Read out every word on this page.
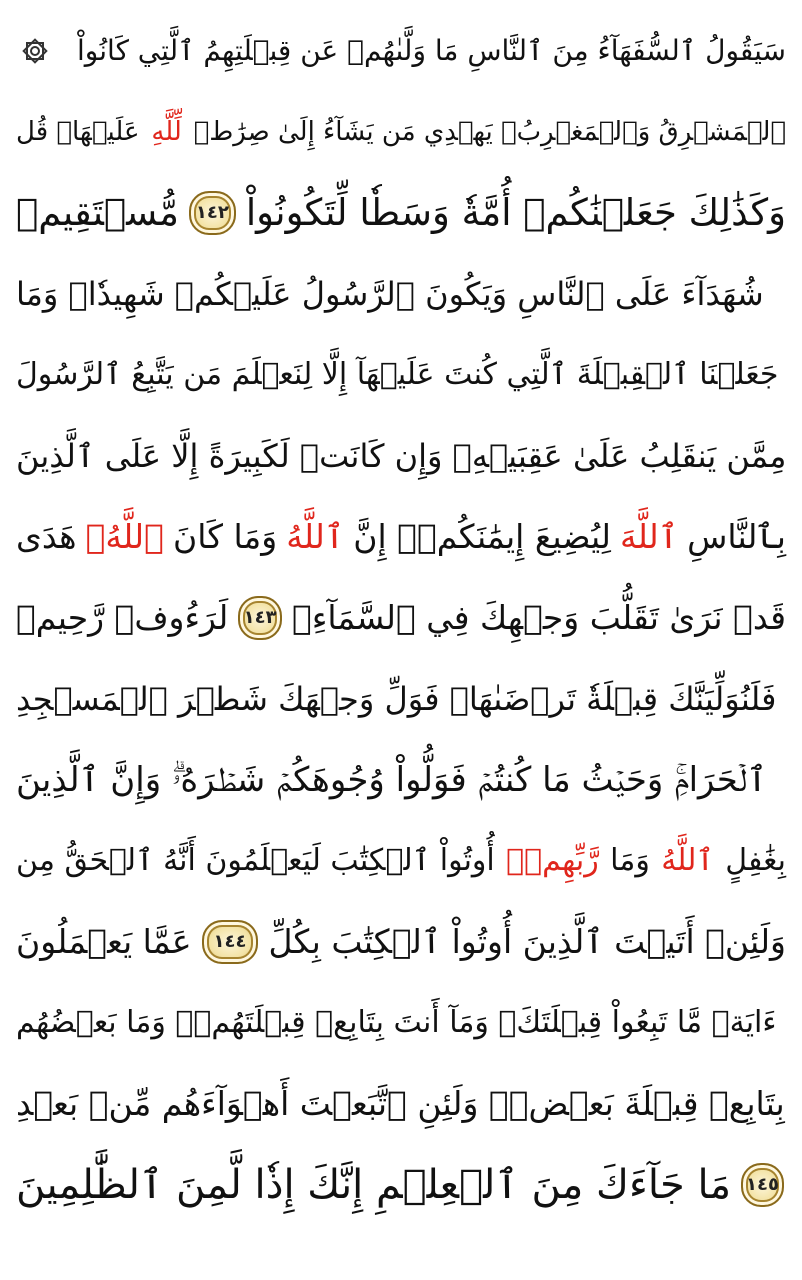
سَيَقُولُ ٱلسُّفَهَآءُ مِنَ ٱلنَّاسِ مَا وَلَّىٰهُمۡ عَن قِبۡلَتِهِمُ ٱلَّتِي كَانُواْ
عَلَيۡهَاۚ قُل لِّلَّهِ ٱلۡمَشۡرِقُ وَٱلۡمَغۡرِبُۚ يَهۡدِي مَن يَشَآءُ إِلَىٰ صِرَٰطٖ
مُّسۡتَقِيمٖ ١٤٢ وَكَذَٰلِكَ جَعَلۡنَٰكُمۡ أُمَّةٗ وَسَطٗا لِّتَكُونُواْ
شُهَدَآءَ عَلَى ٱلنَّاسِ وَيَكُونَ ٱلرَّسُولُ عَلَيۡكُمۡ شَهِيدٗاۗ وَمَا
جَعَلۡنَا ٱلۡقِبۡلَةَ ٱلَّتِي كُنتَ عَلَيۡهَآ إِلَّا لِنَعۡلَمَ مَن يَتَّبِعُ ٱلرَّسُولَ
مِمَّن يَنقَلِبُ عَلَىٰ عَقِبَيۡهِۚ وَإِن كَانَتۡ لَكَبِيرَةً إِلَّا عَلَى ٱلَّذِينَ
هَدَى ٱللَّهُۗ وَمَا كَانَ ٱللَّهُ لِيُضِيعَ إِيمَٰنَكُمۡۚ إِنَّ ٱللَّهَ بِٱلنَّاسِ
لَرَءُوفٞ رَّحِيمٞ ١٤٣ قَدۡ نَرَىٰ تَقَلُّبَ وَجۡهِكَ فِي ٱلسَّمَآءِۖ
فَلَنُوَلِّيَنَّكَ قِبۡلَةٗ تَرۡضَىٰهَاۚ فَوَلِّ وَجۡهَكَ شَطۡرَ ٱلۡمَسۡجِدِ
ٱلۡحَرَامِۚ وَحَيۡثُ مَا كُنتُمۡ فَوَلُّواْ وُجُوهَكُمۡ شَطۡرَهُۥۗ وَإِنَّ ٱلَّذِينَ
أُوتُواْ ٱلۡكِتَٰبَ لَيَعۡلَمُونَ أَنَّهُ ٱلۡحَقُّ مِن رَّبِّهِمۡۗ وَمَا ٱللَّهُ بِغَٰفِلٍ
عَمَّا يَعۡمَلُونَ	١٤٤ وَلَئِنۡ أَتَيۡتَ ٱلَّذِينَ أُوتُواْ ٱلۡكِتَٰبَ بِكُلِّ
ءَايَةٖ مَّا تَبِعُواْ قِبۡلَتَكَۚ وَمَآ أَنتَ بِتَابِعٖ قِبۡلَتَهُمۡۚ وَمَا بَعۡضُهُم
بِتَابِعٖ قِبۡلَةَ بَعۡضٖۚ وَلَئِنِ ٱتَّبَعۡتَ أَهۡوَآءَهُم مِّنۢ بَعۡدِ
مَا جَآءَكَ مِنَ ٱلۡعِلۡمِ إِنَّكَ إِذٗا لَّمِنَ ٱلظَّٰلِمِينَ ١٤٥
